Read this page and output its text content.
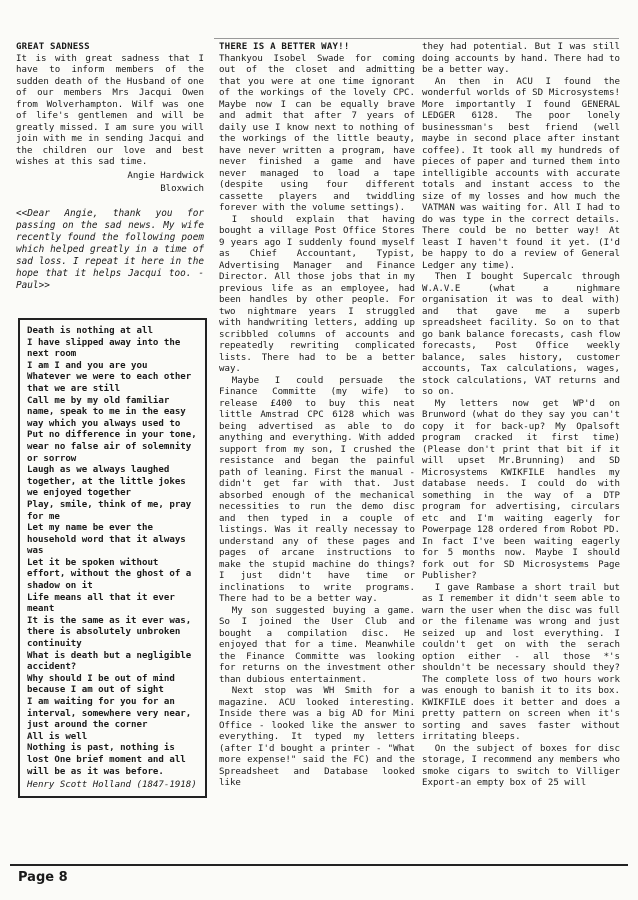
GREAT SADNESS

It is with great sadness that I have to inform members of the sudden death of the Husband of one of our members Mrs Jacqui Owen from Wolverhampton. Wilf was one of life's gentlemen and will be greatly missed. I am sure you will join with me in sending Jacqui and the children our love and best wishes at this sad time.

Angie Hardwick
Bloxwich

<<Dear Angie, thank you for passing on the sad news. My wife recently found the following poem which helped greatly in a time of sad loss. I repeat it here in the hope that it helps Jacqui too. -Paul>>

Death is nothing at all
I have slipped away into the next room
I am I and you are you
Whatever we were to each other that we are still
Call me by my old familiar name, speak to me in the easy way which you always used to
Put no difference in your tone, wear no false air of solemnity or sorrow
Laugh as we always laughed together, at the little jokes we enjoyed together
Play, smile, think of me, pray for me
Let my name be ever the household word that it always was
Let it be spoken without effort, without the ghost of a shadow on it
Life means all that it ever meant
It is the same as it ever was, there is absolutely unbroken continuity
What is death but a negligible accident?
Why should I be out of mind because I am out of sight
I am waiting for you for an interval, somewhere very near, just around the corner
All is well
Nothing is past, nothing is lost One brief moment and all will be as it was before.
Henry Scott Holland (1847-1918)
THERE IS A BETTER WAY!!

Thankyou Isobel Swade for coming out of the closet and admitting that you were at one time ignorant of the workings of the lovely CPC. Maybe now I can be equally brave and admit that after 7 years of daily use I know next to nothing of the workings of the little beauty, have never written a program, have never finished a game and have never managed to load a tape (despite using four different cassette players and twiddling forever with the volume settings).

I should explain that having bought a village Post Office Stores 9 years ago I suddenly found myself as Chief Accountant, Typist, Advertising Manager and Finance Director. All those jobs that in my previous life as an employee, had been handles by other people. For two nightmare years I struggled with handwriting letters, adding up scribbled columns of accounts and repeatedly rewriting complicated lists. There had to be a better way.

Maybe I could persuade the Finance Committe (my wife) to release £400 to buy this neat little Amstrad CPC 6128 which was being advertised as able to do anything and everything. With added support from my son, I crushed the resistance and began the painful path of leaning. First the manual - didn't get far with that. Just absorbed enough of the mechanical necessities to run the demo disc and then typed in a couple of listings. Was it really necessay to understand any of these pages and pages of arcane instructions to make the stupid machine do things? I just didn't have time or inclinations to write programs. There had to be a better way.

My son suggested buying a game. So I joined the User Club and bought a compilation disc. He enjoyed that for a time. Meanwhile the Finance Committe was looking for returns on the investment other than dubious entertainment.

Next stop was WH Smith for a magazine. ACU looked interesting. Inside there was a big AD for Mini Office - looked like the answer to everything. It typed my letters (after I'd bought a printer - "What more expense!" said the FC) and the Spreadsheet and Database looked like

they had potential. But I was still doing accounts by hand. There had to be a better way.

An then in ACU I found the wonderful worlds of SD Microsystems! More importantly I found GENERAL LEDGER 6128. The poor lonely businessman's best friend (well maybe in second place after instant coffee). It took all my hundreds of pieces of paper and turned them into intelligible accounts with accurate totals and instant access to the size of my losses and how much the VATMAN was waiting for. All I had to do was type in the correct details. There could be no better way! At least I haven't found it yet. (I'd be happy to do a review of General Ledger any time).

Then I bought Supercalc through W.A.V.E (what a nighmare organisation it was to deal with) and that gave me a superb spreadsheet facility. So on to that go bank balance forecasts, cash flow forecasts, Post Office weekly balance, sales history, customer accounts, Tax calculations, wages, stock calculations, VAT returns and so on.

My letters now get WP'd on Brunword (what do they say you can't copy it for back-up? My Opalsoft program cracked it first time) (Please don't print that bit if it will upset Mr.Brunning) and SD Microsystems KWIKFILE handles my database needs. I could do with something in the way of a DTP program for advertising, circulars etc and I'm waiting eagerly for Powerpage 128 ordered from Robot PD. In fact I've been waiting eagerly for 5 months now. Maybe I should fork out for SD Microsystems Page Publisher?

I gave Rambase a short trail but as I remember it didn't seem able to warn the user when the disc was full or the filename was wrong and just seized up and lost everything. I couldn't get on with the serach option either - all those *'s shouldn't be necessary should they? The complete loss of two hours work was enough to banish it to its box. KWIKFILE does it better and does a pretty pattern on screen when it's sorting and saves faster without irritating bleeps.

On the subject of boxes for disc storage, I recommend any members who smoke cigars to switch to Villiger Export-an empty box of 25 will

Page 8
